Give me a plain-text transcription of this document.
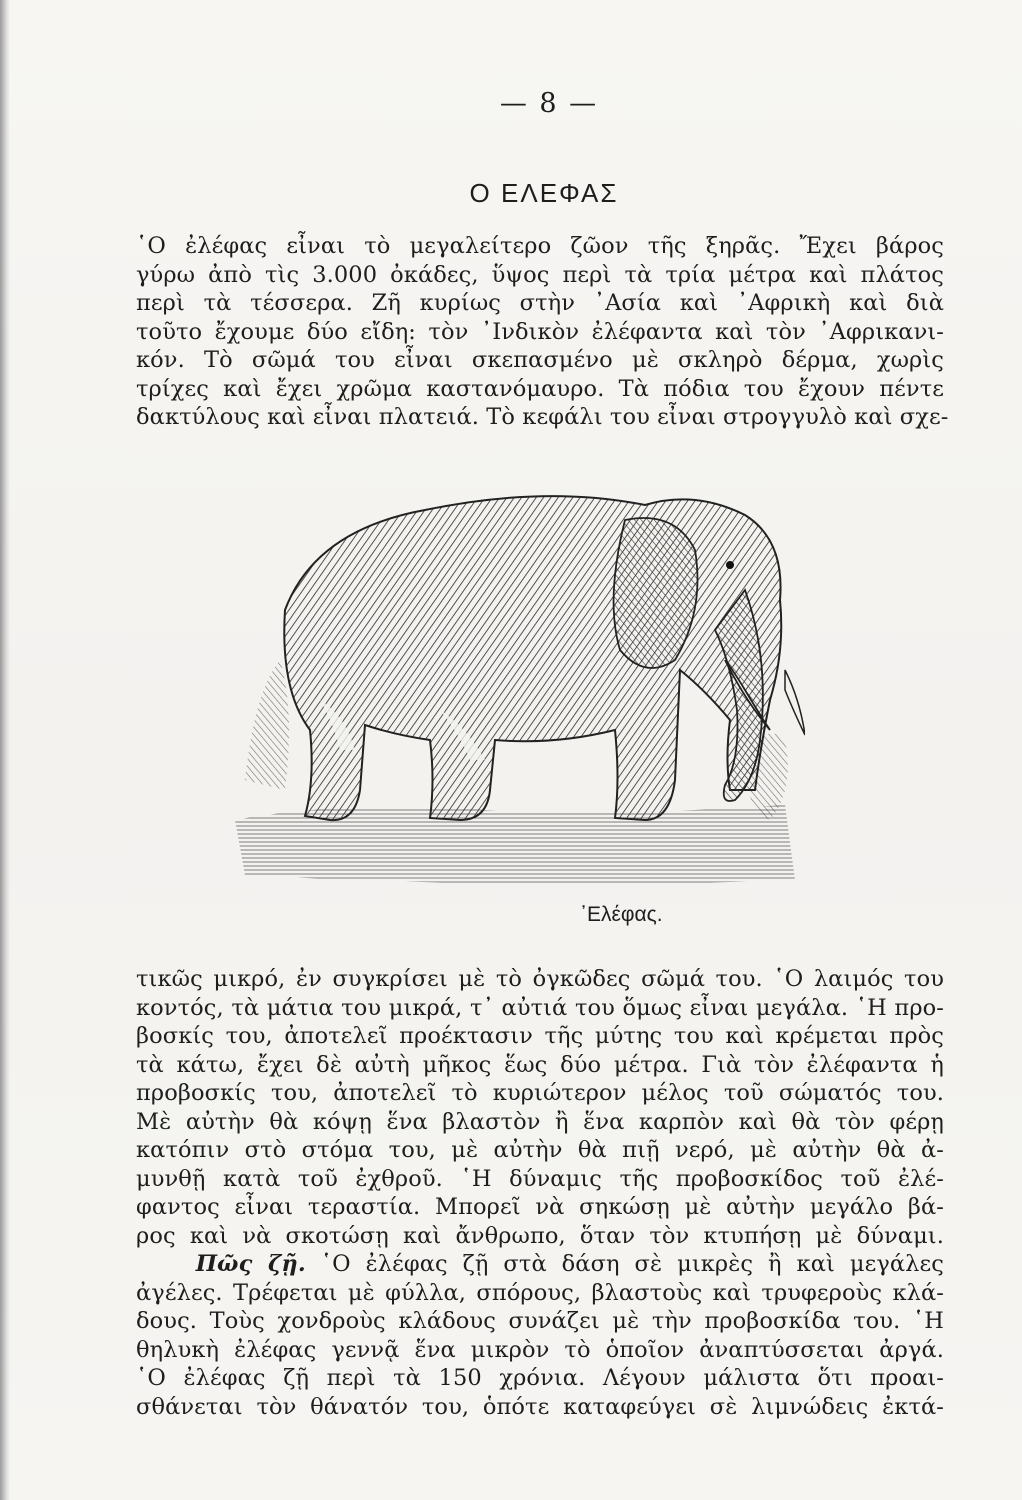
— 8 —
Ο ΕΛΕΦΑΣ
῾Ο ἐλέφας εἶναι τὸ μεγαλείτερο ζῶον τῆς ξηρᾶς. Ἔχει βάρος
γύρω ἀπὸ τὶς 3.000 ὀκάδες, ὕψος περὶ τὰ τρία μέτρα καὶ πλάτος
περὶ τὰ τέσσερα. Ζῆ κυρίως στὴν ᾽Ασία καὶ ᾽Αφρικὴ καὶ διὰ
τοῦτο ἔχουμε δύο εἴδη: τὸν ᾽Ινδικὸν ἐλέφαντα καὶ τὸν ᾽Αφρικανι-
κόν. Τὸ σῶμά του εἶναι σκεπασμένο μὲ σκληρὸ δέρμα, χωρὶς
τρίχες καὶ ἔχει χρῶμα καστανόμαυρο. Τὰ πόδια του ἔχουν πέντε
δακτύλους καὶ εἶναι πλατειά. Τὸ κεφάλι του εἶναι στρογγυλὸ καὶ σχε-
᾽Ελέφας.
τικῶς μικρό, ἐν συγκρίσει μὲ τὸ ὀγκῶδες σῶμά του. ῾Ο λαιμός του
κοντός, τὰ μάτια του μικρά, τ᾽ αὐτιά του ὅμως εἶναι μεγάλα. ῾Η προ-
βοσκίς του, ἀποτελεῖ προέκτασιν τῆς μύτης του καὶ κρέμεται πρὸς
τὰ κάτω, ἔχει δὲ αὐτὴ μῆκος ἕως δύο μέτρα. Γιὰ τὸν ἐλέφαντα ἡ
προβοσκίς του, ἀποτελεῖ τὸ κυριώτερον μέλος τοῦ σώματός του.
Μὲ αὐτὴν θὰ κόψῃ ἕνα βλαστὸν ἢ ἕνα καρπὸν καὶ θὰ τὸν φέρῃ
κατόπιν στὸ στόμα του, μὲ αὐτὴν θὰ πιῇ νερό, μὲ αὐτὴν θὰ ἀ-
μυνθῇ κατὰ τοῦ ἐχθροῦ. ῾Η δύναμις τῆς προβοσκίδος τοῦ ἐλέ-
φαντος εἶναι τεραστία. Μπορεῖ νὰ σηκώσῃ μὲ αὐτὴν μεγάλο βά-
ρος καὶ νὰ σκοτώσῃ καὶ ἄνθρωπο, ὅταν τὸν κτυπήσῃ μὲ δύναμι.
Πῶς ζῇ. ῾Ο ἐλέφας ζῇ στὰ δάση σὲ μικρὲς ἢ καὶ μεγάλες
ἀγέλες. Τρέφεται μὲ φύλλα, σπόρους, βλαστοὺς καὶ τρυφεροὺς κλά-
δους. Τοὺς χονδροὺς κλάδους συνάζει μὲ τὴν προβοσκίδα του. ῾Η
θηλυκὴ ἐλέφας γεννᾷ ἕνα μικρὸν τὸ ὁποῖον ἀναπτύσσεται ἀργά.
῾Ο ἐλέφας ζῇ περὶ τὰ 150 χρόνια. Λέγουν μάλιστα ὅτι προαι-
σθάνεται τὸν θάνατόν του, ὁπότε καταφεύγει σὲ λιμνώδεις ἐκτά-
